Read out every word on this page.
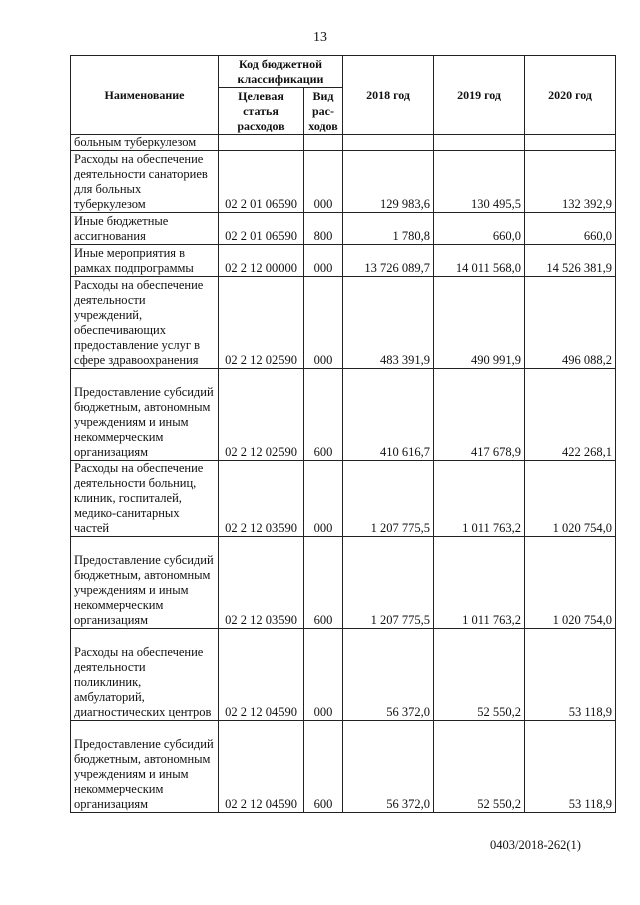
13
Наименование	Код бюджетной классификации		2018 год	2019 год	2020 год
	Целевая статья расходов	Вид рас-ходов			
больным туберкулезом					
Расходы на обеспечение деятельности санаториев для больных туберкулезом	02 2 01 06590	000	129 983,6	130 495,5	132 392,9
Иные бюджетные ассигнования	02 2 01 06590	800	1 780,8	660,0	660,0
Иные мероприятия в рамках подпрограммы	02 2 12 00000	000	13 726 089,7	14 011 568,0	14 526 381,9
Расходы на обеспечение деятельности учреждений, обеспечивающих предоставление услуг в сфере здравоохранения	02 2 12 02590	000	483 391,9	490 991,9	496 088,2
Предоставление субсидий бюджетным, автономным учреждениям и иным некоммерческим организациям	02 2 12 02590	600	410 616,7	417 678,9	422 268,1
Расходы на обеспечение деятельности больниц, клиник, госпиталей, медико-санитарных частей	02 2 12 03590	000	1 207 775,5	1 011 763,2	1 020 754,0
Предоставление субсидий бюджетным, автономным учреждениям и иным некоммерческим организациям	02 2 12 03590	600	1 207 775,5	1 011 763,2	1 020 754,0
Расходы на обеспечение деятельности поликлиник, амбулаторий, диагностических центров	02 2 12 04590	000	56 372,0	52 550,2	53 118,9
Предоставление субсидий бюджетным, автономным учреждениям и иным некоммерческим организациям	02 2 12 04590	600	56 372,0	52 550,2	53 118,9
0403/2018-262(1)
